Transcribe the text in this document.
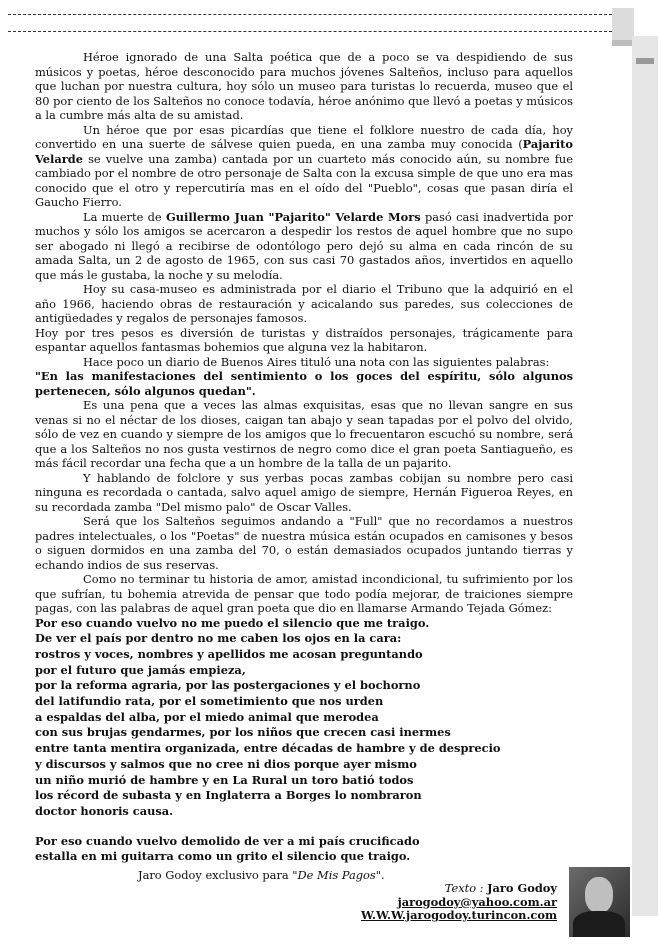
Héroe ignorado de una Salta poética que de a poco se va despidiendo de sus músicos y poetas, héroe desconocido para muchos jóvenes Salteños, incluso para aquellos que luchan por nuestra cultura, hoy sólo un museo para turistas lo recuerda, museo que el 80 por ciento de los Salteños no conoce todavía, héroe anónimo que llevó a poetas y músicos a la cumbre más alta de su amistad.

Un héroe que por esas picardías que tiene el folklore nuestro de cada día, hoy convertido en una suerte de sálvese quien pueda, en una zamba muy conocida (Pajarito Velarde se vuelve una zamba) cantada por un cuarteto más conocido aún, su nombre fue cambiado por el nombre de otro personaje de Salta con la excusa simple de que uno era mas conocido que el otro y repercutiría mas en el oído del "Pueblo", cosas que pasan diría el Gaucho Fierro.

La muerte de Guillermo Juan "Pajarito" Velarde Mors pasó casi inadvertida por muchos y sólo los amigos se acercaron a despedir los restos de aquel hombre que no supo ser abogado ni llegó a recibirse de odontólogo pero dejó su alma en cada rincón de su amada Salta, un 2 de agosto de 1965, con sus casi 70 gastados años, invertidos en aquello que más le gustaba, la noche y su melodía.

Hoy su casa-museo es administrada por el diario el Tribuno que la adquirió en el año 1966, haciendo obras de restauración y acicalando sus paredes, sus colecciones de antigüedades y regalos de personajes famosos.

Hoy por tres pesos es diversión de turistas y distraídos personajes, trágicamente para espantar aquellos fantasmas bohemios que alguna vez la habitaron.

Hace poco un diario de Buenos Aires tituló una nota con las siguientes palabras:

"En las manifestaciones del sentimiento o los goces del espíritu, sólo algunos pertenecen, sólo algunos quedan".

Es una pena que a veces las almas exquisitas, esas que no llevan sangre en sus venas si no el néctar de los dioses, caigan tan abajo y sean tapadas por el polvo del olvido, sólo de vez en cuando y siempre de los amigos que lo frecuentaron escuchó su nombre, será que a los Salteños no nos gusta vestirnos de negro como dice el gran poeta Santiagueño, es más fácil recordar una fecha que a un hombre de la talla de un pajarito.

Y hablando de folclore y sus yerbas pocas zambas cobijan su nombre pero casi ninguna es recordada o cantada, salvo aquel amigo de siempre, Hernán Figueroa Reyes, en su recordada zamba "Del mismo palo" de Oscar Valles.

Será que los Salteños seguimos andando a "Full" que no recordamos a nuestros padres intelectuales, o los "Poetas" de nuestra música están ocupados en camisones y besos o siguen dormidos en una zamba del 70, o están demasiados ocupados juntando tierras y echando indios de sus reservas.

Como no terminar tu historia de amor, amistad incondicional, tu sufrimiento por los que sufrían, tu bohemia atrevida de pensar que todo podía mejorar, de traiciones siempre pagas, con las palabras de aquel gran poeta que dio en llamarse Armando Tejada Gómez:

Por eso cuando vuelvo no me puedo el silencio que me traigo.
De ver el país por dentro no me caben los ojos en la cara:
rostros y voces, nombres y apellidos me acosan preguntando
por el futuro que jamás empieza,
por la reforma agraria, por las postergaciones y el bochorno
del latifundio rata, por el sometimiento que nos urden
a espaldas del alba, por el miedo animal que merodea
con sus brujas gendarmes, por los niños que crecen casi inermes
entre tanta mentira organizada, entre décadas de hambre y de desprecio
y discursos y salmos que no cree ni dios porque ayer mismo
un niño murió de hambre y en La Rural un toro batió todos
los récord de subasta y en Inglaterra a Borges lo nombraron
doctor honoris causa.
Por eso cuando vuelvo demolido de ver a mi país crucificado
estalla en mi guitarra como un grito el silencio que traigo.
Jaro Godoy exclusivo para "De Mis Pagos".
Texto : Jaro Godoy
jarogodoy@yahoo.com.ar
W.W.W.jarogodoy.turincon.com
